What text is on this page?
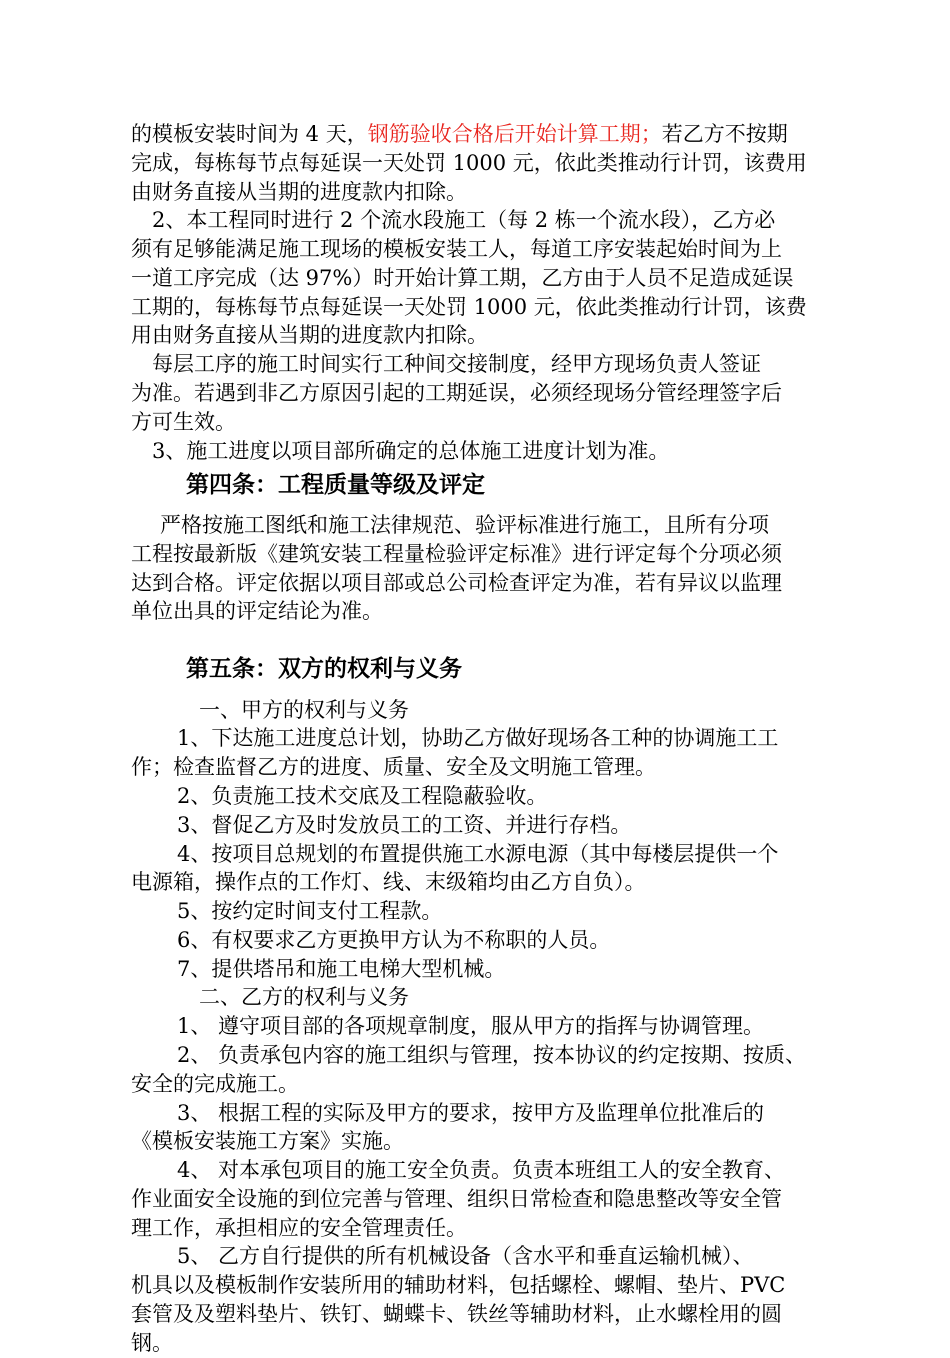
的模板安装时间为 4 天，钢筋验收合格后开始计算工期；若乙方不按期
完成，每栋每节点每延误一天处罚 1000 元，依此类推动行计罚，该费用
由财务直接从当期的进度款内扣除。
2、本工程同时进行 2 个流水段施工（每 2 栋一个流水段），乙方必
须有足够能满足施工现场的模板安装工人，每道工序安装起始时间为上
一道工序完成（达 97%）时开始计算工期，乙方由于人员不足造成延误
工期的，每栋每节点每延误一天处罚 1000 元，依此类推动行计罚，该费
用由财务直接从当期的进度款内扣除。
每层工序的施工时间实行工种间交接制度，经甲方现场负责人签证
为准。若遇到非乙方原因引起的工期延误，必须经现场分管经理签字后
方可生效。
3、施工进度以项目部所确定的总体施工进度计划为准。
第四条：工程质量等级及评定
严格按施工图纸和施工法律规范、验评标准进行施工，且所有分项
工程按最新版《建筑安装工程量检验评定标准》进行评定每个分项必须
达到合格。评定依据以项目部或总公司检查评定为准，若有异议以监理
单位出具的评定结论为准。
第五条：双方的权利与义务
一、甲方的权利与义务
1、下达施工进度总计划，协助乙方做好现场各工种的协调施工工
作；检查监督乙方的进度、质量、安全及文明施工管理。
2、负责施工技术交底及工程隐蔽验收。
3、督促乙方及时发放员工的工资、并进行存档。
4、按项目总规划的布置提供施工水源电源（其中每楼层提供一个
电源箱，操作点的工作灯、线、末级箱均由乙方自负）。
5、按约定时间支付工程款。
6、有权要求乙方更换甲方认为不称职的人员。
7、提供塔吊和施工电梯大型机械。
二、乙方的权利与义务
1、 遵守项目部的各项规章制度，服从甲方的指挥与协调管理。
2、 负责承包内容的施工组织与管理，按本协议的约定按期、按质、
安全的完成施工。
3、 根据工程的实际及甲方的要求，按甲方及监理单位批准后的
《模板安装施工方案》实施。
4、 对本承包项目的施工安全负责。负责本班组工人的安全教育、
作业面安全设施的到位完善与管理、组织日常检查和隐患整改等安全管
理工作，承担相应的安全管理责任。
5、 乙方自行提供的所有机械设备（含水平和垂直运输机械）、
机具以及模板制作安装所用的辅助材料，包括螺栓、螺帽、垫片、PVC
套管及及塑料垫片、铁钉、蝴蝶卡、铁丝等辅助材料，止水螺栓用的圆
钢。
